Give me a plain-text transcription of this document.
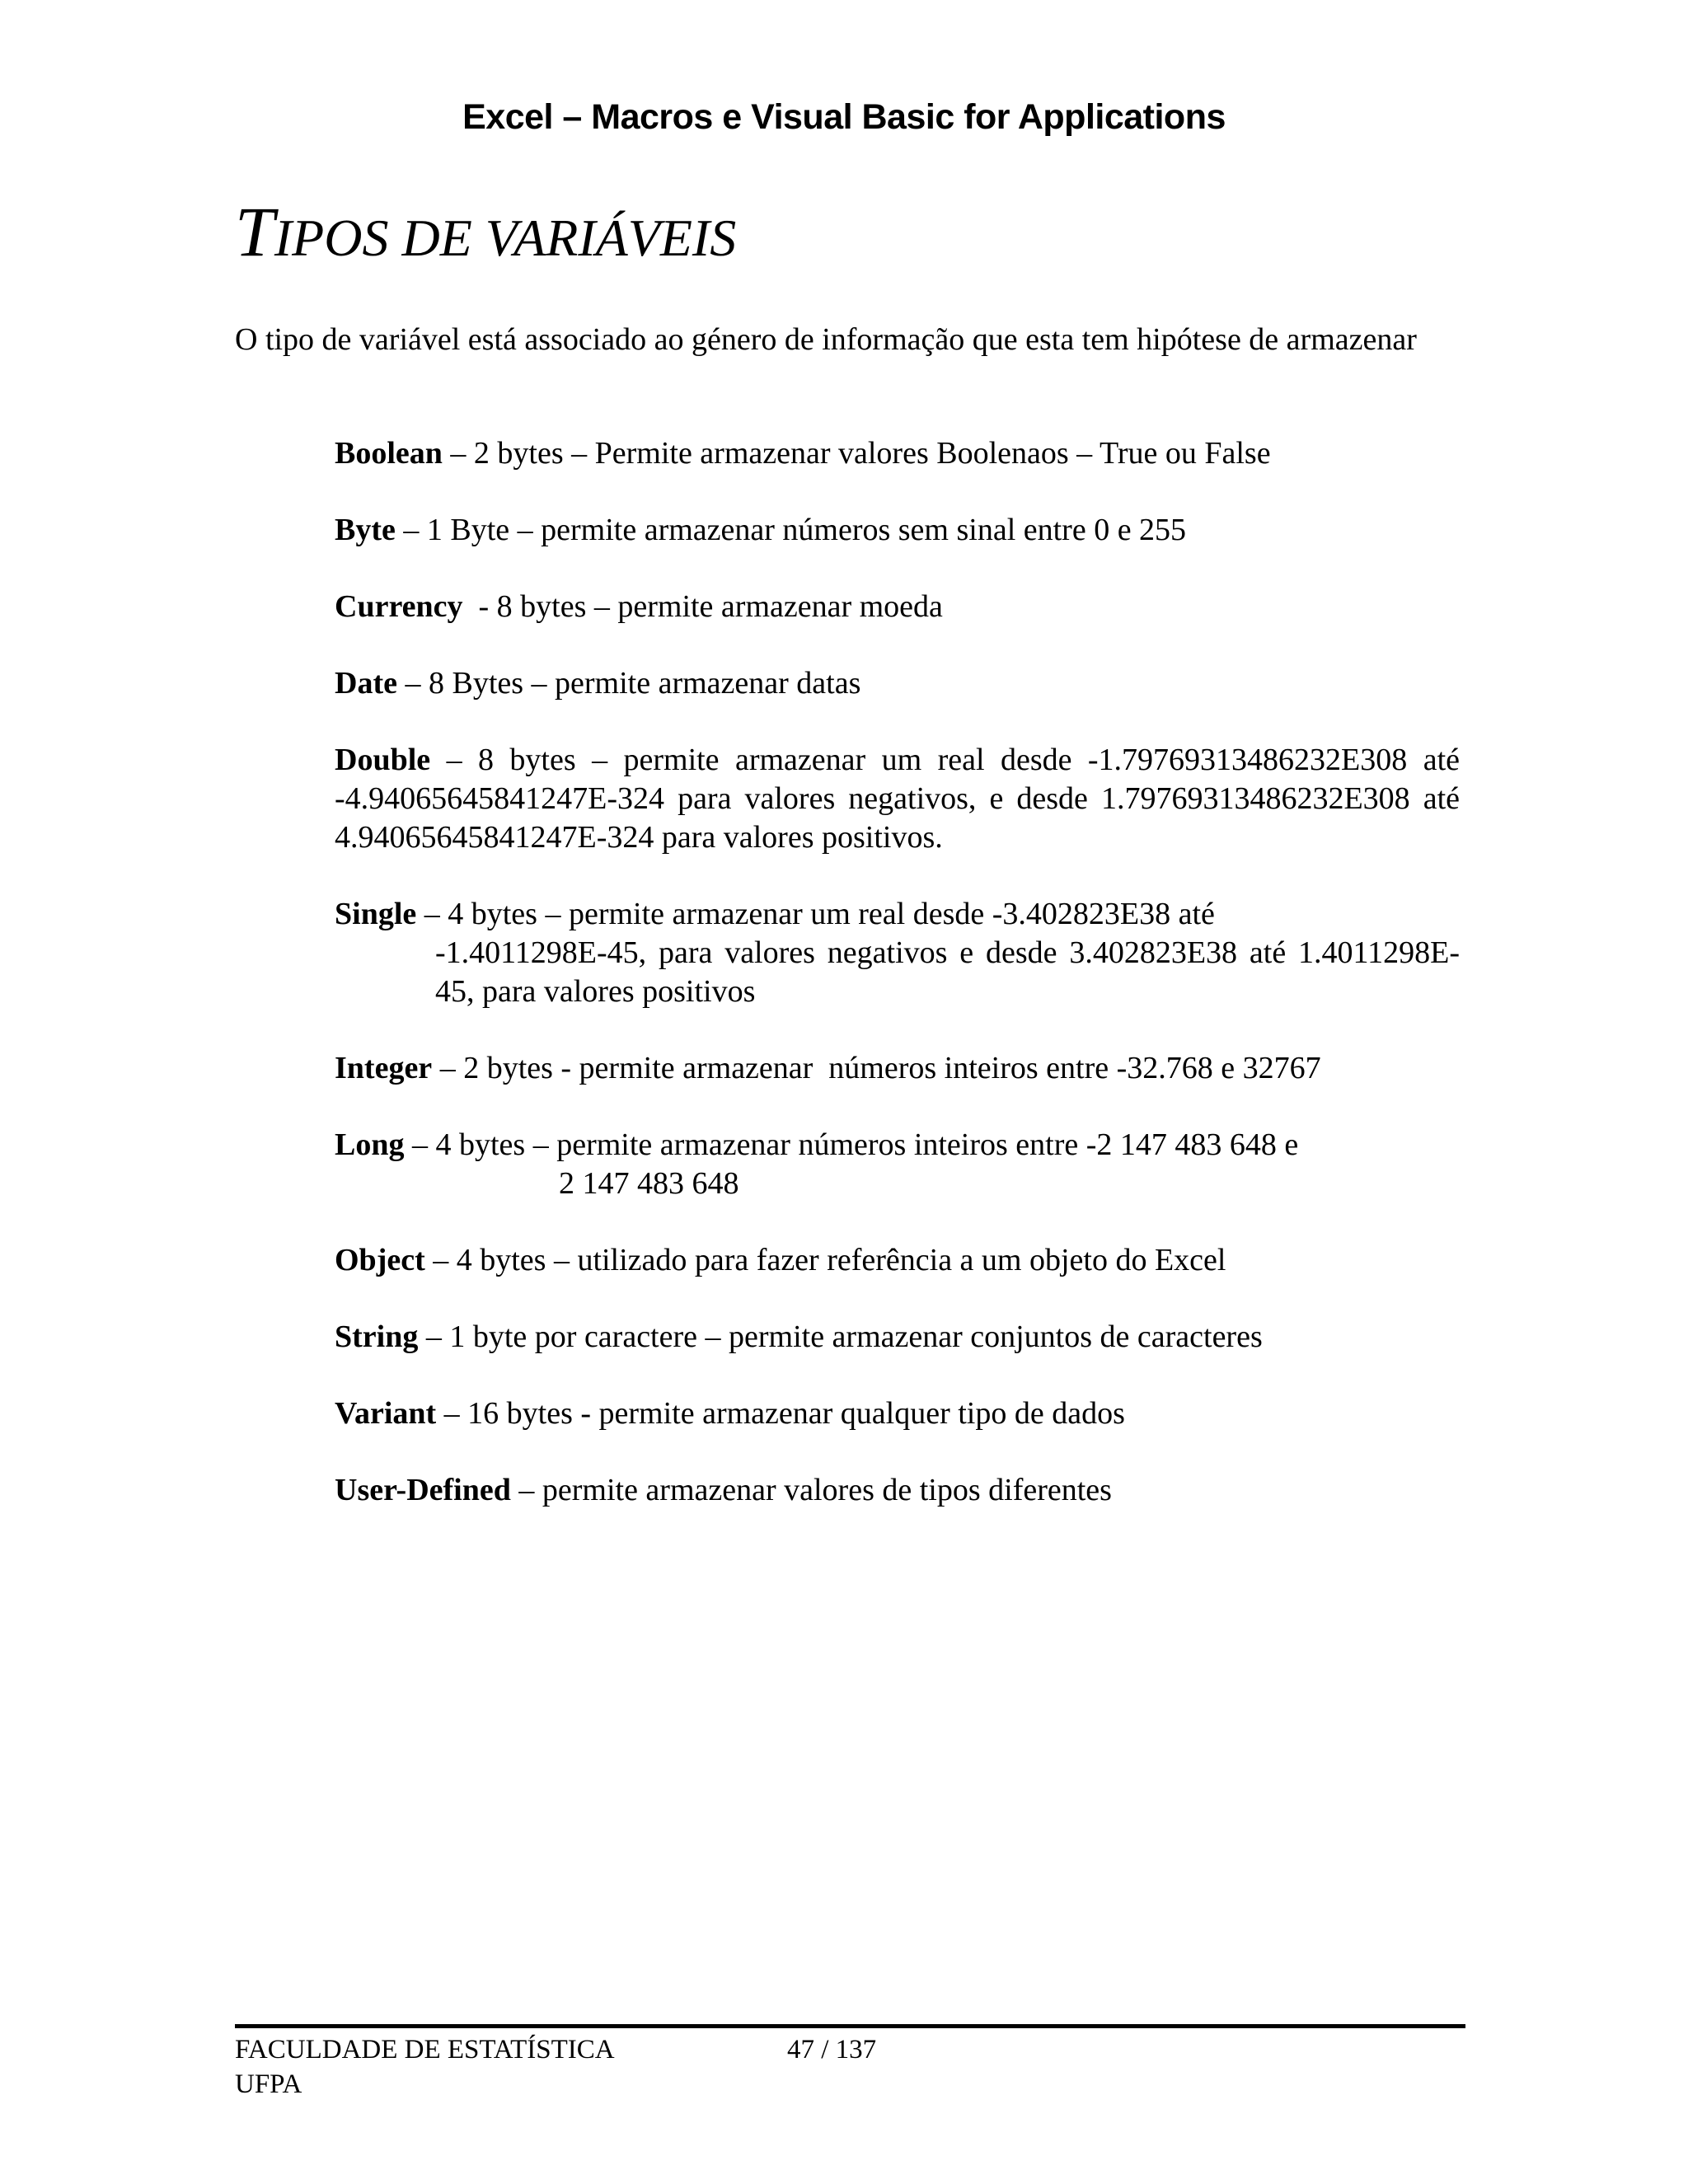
Excel – Macros e Visual Basic for Applications
TIPOS DE VARIÁVEIS

O tipo de variável está associado ao género de informação que esta tem hipótese de armazenar

Boolean – 2 bytes – Permite armazenar valores Boolenaos – True ou False

Byte – 1 Byte – permite armazenar números sem sinal entre 0 e 255

Currency  - 8 bytes – permite armazenar moeda

Date – 8 Bytes – permite armazenar datas

Double – 8 bytes – permite armazenar um real desde -1.79769313486232E308 até -4.94065645841247E-324 para valores negativos, e desde 1.79769313486232E308 até 4.94065645841247E-324 para valores positivos.

Single – 4 bytes – permite armazenar um real desde -3.402823E38 até
-1.4011298E-45, para valores negativos e desde 3.402823E38 até 1.4011298E-45, para valores positivos

Integer – 2 bytes - permite armazenar  números inteiros entre -32.768 e 32767

Long – 4 bytes – permite armazenar números inteiros entre -2 147 483 648 e
2 147 483 648

Object – 4 bytes – utilizado para fazer referência a um objeto do Excel

String – 1 byte por caractere – permite armazenar conjuntos de caracteres

Variant – 16 bytes - permite armazenar qualquer tipo de dados

User-Defined – permite armazenar valores de tipos diferentes

FACULDADE DE ESTATÍSTICA
UFPA
47 / 137
